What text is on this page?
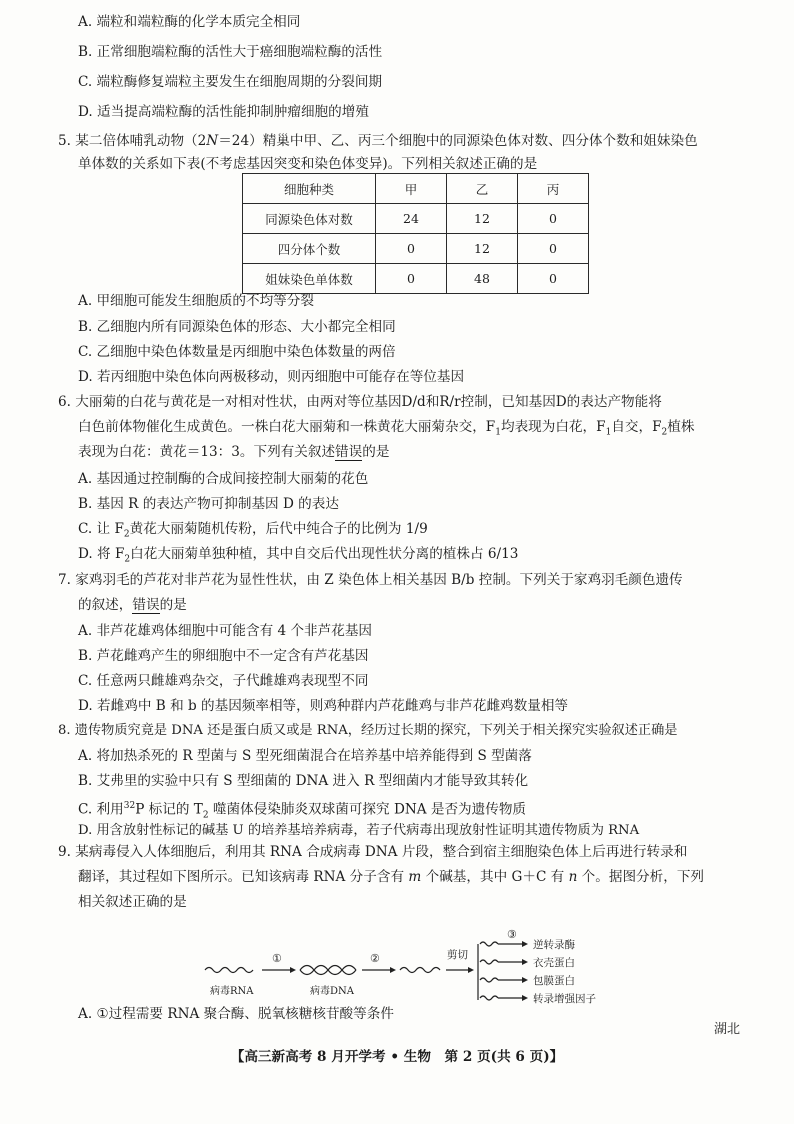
A. 端粒和端粒酶的化学本质完全相同
B. 正常细胞端粒酶的活性大于癌细胞端粒酶的活性
C. 端粒酶修复端粒主要发生在细胞周期的分裂间期
D. 适当提高端粒酶的活性能抑制肿瘤细胞的增殖
5. 某二倍体哺乳动物（2N＝24）精巢中甲、乙、丙三个细胞中的同源染色体对数、四分体个数和姐妹染色
单体数的关系如下表(不考虑基因突变和染色体变异)。下列相关叙述正确的是
细胞种类	甲	乙	丙
同源染色体对数	24	12	0
四分体个数	0	12	0
姐妹染色单体数	0	48	0
A. 甲细胞可能发生细胞质的不均等分裂
B. 乙细胞内所有同源染色体的形态、大小都完全相同
C. 乙细胞中染色体数量是丙细胞中染色体数量的两倍
D. 若丙细胞中染色体向两极移动，则丙细胞中可能存在等位基因
6. 大丽菊的白花与黄花是一对相对性状，由两对等位基因D/d和R/r控制，已知基因D的表达产物能将
白色前体物催化生成黄色。一株白花大丽菊和一株黄花大丽菊杂交，$F_1$均表现为白花，$F_1$自交，$F_2$植株
表现为白花：黄花＝13：3。下列有关叙述错误的是
A. 基因通过控制酶的合成间接控制大丽菊的花色
B. 基因 R 的表达产物可抑制基因 D 的表达
C. 让 $F_2$黄花大丽菊随机传粉，后代中纯合子的比例为 1/9
D. 将 $F_2$白花大丽菊单独种植，其中自交后代出现性状分离的植株占 6/13
7. 家鸡羽毛的芦花对非芦花为显性性状，由 Z 染色体上相关基因 B/b 控制。下列关于家鸡羽毛颜色遗传
的叙述，错误的是
A. 非芦花雄鸡体细胞中可能含有 4 个非芦花基因
B. 芦花雌鸡产生的卵细胞中不一定含有芦花基因
C. 任意两只雌雄鸡杂交，子代雌雄鸡表现型不同
D. 若雌鸡中 B 和 b 的基因频率相等，则鸡种群内芦花雌鸡与非芦花雌鸡数量相等
8. 遗传物质究竟是 DNA 还是蛋白质又或是 RNA，经历过长期的探究，下列关于相关探究实验叙述正确是
A. 将加热杀死的 R 型菌与 S 型死细菌混合在培养基中培养能得到 S 型菌落
B. 艾弗里的实验中只有 S 型细菌的 DNA 进入 R 型细菌内才能导致其转化
C. 利用$^{32}$P 标记的 $T_2$ 噬菌体侵染肺炎双球菌可探究 DNA 是否为遗传物质
D. 用含放射性标记的碱基 U 的培养基培养病毒，若子代病毒出现放射性证明其遗传物质为 RNA
9. 某病毒侵入人体细胞后，利用其 RNA 合成病毒 DNA 片段，整合到宿主细胞染色体上后再进行转录和
翻译，其过程如下图所示。已知该病毒 RNA 分子含有 m 个碱基，其中 G＋C 有 n 个。据图分析，下列
相关叙述正确的是
①	②
③
病毒RNA	病毒DNA
剪切
逆转录酶
衣壳蛋白
包膜蛋白
转录增强因子
A. ①过程需要 RNA 聚合酶、脱氧核糖核苷酸等条件
湖北
【高三新高考 8 月开学考 • 生物　第 2 页(共 6 页)】
